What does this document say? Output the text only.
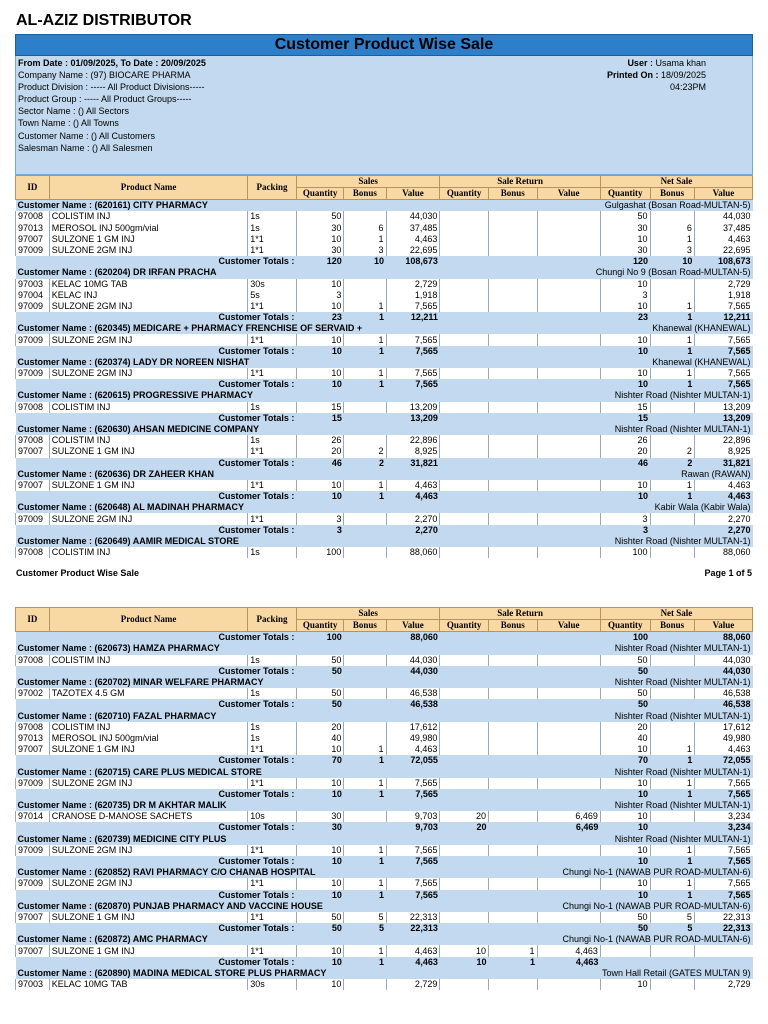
AL-AZIZ DISTRIBUTOR
Customer Product Wise Sale
From Date : 01/09/2025, To Date : 20/09/2025
Company Name : (97) BIOCARE PHARMA
Product Division : ----- All Product Divisions-----
Product Group : ----- All Product Groups-----
Sector Name : () All Sectors
Town Name : () All Towns
Customer Name : () All Customers
Salesman Name : () All Salesmen
User : Usama khan
Printed On : 18/09/2025
04:23PM
ID	Product Name	Packing	Sales			Sale Return			Net Sale		
			Quantity	Bonus	Value	Quantity	Bonus	Value	Quantity	Bonus	Value
Customer Name : (620161) CITY PHARMACY							Gulgashat (Bosan Road-MULTAN-5)				
97008	COLISTIM INJ	1s	50		44,030				50		44,030
97013	MEROSOL INJ 500gm/vial	1s	30	6	37,485				30	6	37,485
97007	SULZONE 1 GM INJ	1*1	10	1	4,463				10	1	4,463
97009	SULZONE 2GM INJ	1*1	30	3	22,695				30	3	22,695
Customer Totals :			120	10	108,673				120	10	108,673
Customer Name : (620204) DR IRFAN PRACHA							Chungi No 9 (Bosan Road-MULTAN-5)				
97003	KELAC 10MG TAB	30s	10		2,729				10		2,729
97004	KELAC INJ	5s	3		1,918				3		1,918
97009	SULZONE 2GM INJ	1*1	10	1	7,565				10	1	7,565
Customer Totals :			23	1	12,211				23	1	12,211
Customer Name : (620345) MEDICARE + PHARMACY FRENCHISE OF SERVAID +							Khanewal (KHANEWAL)				
97009	SULZONE 2GM INJ	1*1	10	1	7,565				10	1	7,565
Customer Totals :			10	1	7,565				10	1	7,565
Customer Name : (620374) LADY DR NOREEN NISHAT							Khanewal (KHANEWAL)				
97009	SULZONE 2GM INJ	1*1	10	1	7,565				10	1	7,565
Customer Totals :			10	1	7,565				10	1	7,565
Customer Name : (620615) PROGRESSIVE PHARMACY							Nishter Road (Nishter MULTAN-1)				
97008	COLISTIM INJ	1s	15		13,209				15		13,209
Customer Totals :			15		13,209				15		13,209
Customer Name : (620630) AHSAN MEDICINE COMPANY							Nishter Road (Nishter MULTAN-1)				
97008	COLISTIM INJ	1s	26		22,896				26		22,896
97007	SULZONE 1 GM INJ	1*1	20	2	8,925				20	2	8,925
Customer Totals :			46	2	31,821				46	2	31,821
Customer Name : (620636) DR ZAHEER KHAN							Rawan (RAWAN)				
97007	SULZONE 1 GM INJ	1*1	10	1	4,463				10	1	4,463
Customer Totals :			10	1	4,463				10	1	4,463
Customer Name : (620648) AL MADINAH PHARMACY							Kabir Wala (Kabir Wala)				
97009	SULZONE 2GM INJ	1*1	3		2,270				3		2,270
Customer Totals :			3		2,270				3		2,270
Customer Name : (620649) AAMIR MEDICAL STORE							Nishter Road (Nishter MULTAN-1)				
97008	COLISTIM INJ	1s	100		88,060				100		88,060
Customer Product Wise Sale	Page 1 of 5
ID	Product Name	Packing	Sales			Sale Return			Net Sale		
			Quantity	Bonus	Value	Quantity	Bonus	Value	Quantity	Bonus	Value
Customer Totals :			100		88,060				100		88,060
Customer Name : (620673) HAMZA PHARMACY							Nishter Road (Nishter MULTAN-1)				
97008	COLISTIM INJ	1s	50		44,030				50		44,030
Customer Totals :			50		44,030				50		44,030
Customer Name : (620702) MINAR WELFARE PHARMACY							Nishter Road (Nishter MULTAN-1)				
97002	TAZOTEX 4.5 GM	1s	50		46,538				50		46,538
Customer Totals :			50		46,538				50		46,538
Customer Name : (620710) FAZAL PHARMACY							Nishter Road (Nishter MULTAN-1)				
97008	COLISTIM INJ	1s	20		17,612				20		17,612
97013	MEROSOL INJ 500gm/vial	1s	40		49,980				40		49,980
97007	SULZONE 1 GM INJ	1*1	10	1	4,463				10	1	4,463
Customer Totals :			70	1	72,055				70	1	72,055
Customer Name : (620715) CARE PLUS MEDICAL STORE							Nishter Road (Nishter MULTAN-1)				
97009	SULZONE 2GM INJ	1*1	10	1	7,565				10	1	7,565
Customer Totals :			10	1	7,565				10	1	7,565
Customer Name : (620735) DR M AKHTAR MALIK							Nishter Road (Nishter MULTAN-1)				
97014	CRANOSE D-MANOSE SACHETS	10s	30		9,703	20		6,469	10		3,234
Customer Totals :			30		9,703	20		6,469	10		3,234
Customer Name : (620739) MEDICINE CITY PLUS							Nishter Road (Nishter MULTAN-1)				
97009	SULZONE 2GM INJ	1*1	10	1	7,565				10	1	7,565
Customer Totals :			10	1	7,565				10	1	7,565
Customer Name : (620852) RAVI PHARMACY C/O CHANAB HOSPITAL							Chungi No-1 (NAWAB PUR ROAD-MULTAN-6)				
97009	SULZONE 2GM INJ	1*1	10	1	7,565				10	1	7,565
Customer Totals :			10	1	7,565				10	1	7,565
Customer Name : (620870) PUNJAB PHARMACY AND VACCINE HOUSE							Chungi No-1 (NAWAB PUR ROAD-MULTAN-6)				
97007	SULZONE 1 GM INJ	1*1	50	5	22,313				50	5	22,313
Customer Totals :			50	5	22,313				50	5	22,313
Customer Name : (620872) AMC PHARMACY							Chungi No-1 (NAWAB PUR ROAD-MULTAN-6)				
97007	SULZONE 1 GM INJ	1*1	10	1	4,463	10	1	4,463			
Customer Totals :			10	1	4,463	10	1	4,463			
Customer Name : (620890) MADINA MEDICAL STORE PLUS PHARMACY							Town Hall Retail (GATES MULTAN 9)				
97003	KELAC 10MG TAB	30s	10		2,729				10		2,729
